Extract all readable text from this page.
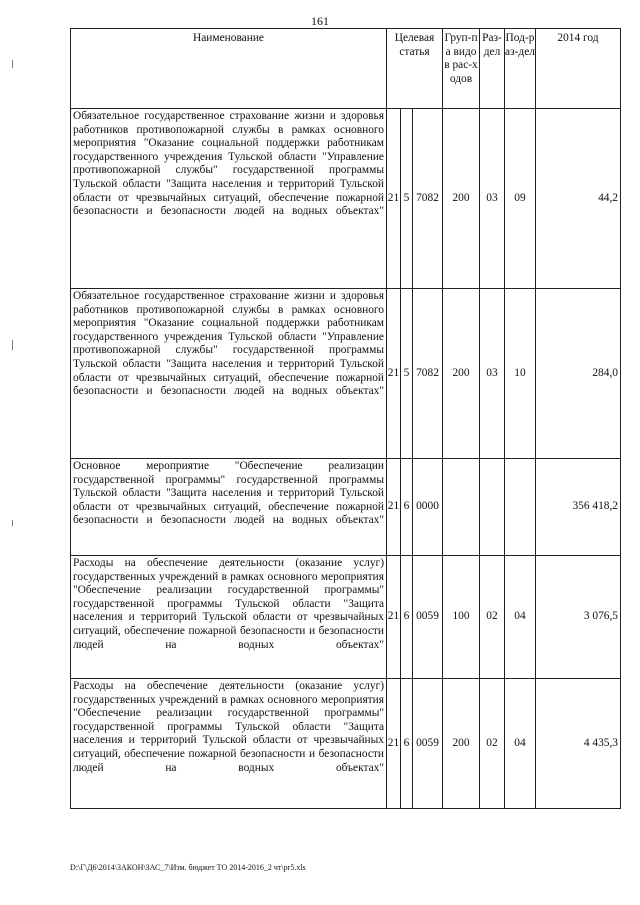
161
Наименование	Целевая статья			Груп-па видов рас-ходов	Раз-дел	Под-раз-дел	2014 год
Обязательное государственное страхование жизни и здоровья работников противопожарной службы в рамках основного мероприятия "Оказание социальной поддержки работникам государственного учреждения Тульской области "Управление противопожарной службы" государственной программы Тульской области "Защита населения и территорий Тульской области от чрезвычайных ситуаций, обеспечение пожарной безопасности и безопасности людей на водных объектах"	21	5	7082	200	03	09	44,2
Обязательное государственное страхование жизни и здоровья работников противопожарной службы в рамках основного мероприятия "Оказание социальной поддержки работникам государственного учреждения Тульской области "Управление противопожарной службы" государственной программы Тульской области "Защита населения и территорий Тульской области от чрезвычайных ситуаций, обеспечение пожарной безопасности и безопасности людей на водных объектах"	21	5	7082	200	03	10	284,0
Основное мероприятие "Обеспечение реализации государственной программы" государственной программы Тульской области "Защита населения и территорий Тульской области от чрезвычайных ситуаций, обеспечение пожарной безопасности и безопасности людей на водных объектах"	21	6	0000				356 418,2
Расходы на обеспечение деятельности (оказание услуг) государственных учреждений в рамках основного мероприятия "Обеспечение реализации государственной программы" государственной программы Тульской области "Защита населения и территорий Тульской области от чрезвычайных ситуаций, обеспечение пожарной безопасности и безопасности людей на водных объектах"	21	6	0059	100	02	04	3 076,5
Расходы на обеспечение деятельности (оказание услуг) государственных учреждений в рамках основного мероприятия "Обеспечение реализации государственной программы" государственной программы Тульской области "Защита населения и территорий Тульской области от чрезвычайных ситуаций, обеспечение пожарной безопасности и безопасности людей на водных объектах"	21	6	0059	200	02	04	4 435,3
D:\Г\Д6\2014\ЗАКОН\ЗАС_7\Изм. бюджет ТО 2014-2016_2 чт\pr5.xls
